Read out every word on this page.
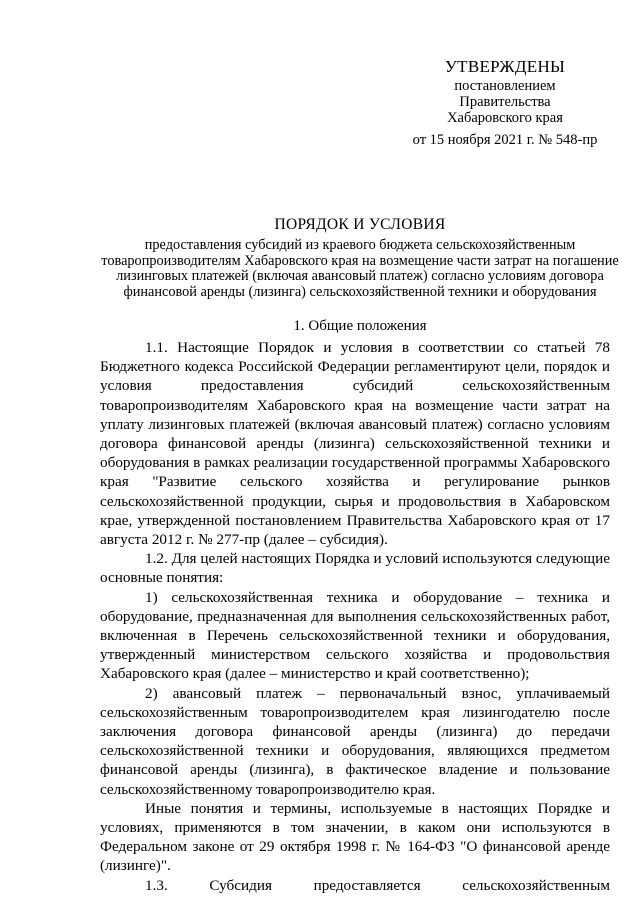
УТВЕРЖДЕНЫ
постановлением
Правительства
Хабаровского края
от 15 ноября 2021 г. № 548-пр
ПОРЯДОК И УСЛОВИЯ
предоставления субсидий из краевого бюджета сельскохозяйственным товаропроизводителям Хабаровского края на возмещение части затрат на погашение лизинговых платежей (включая авансовый платеж) согласно условиям договора финансовой аренды (лизинга) сельскохозяйственной техники и оборудования
1. Общие положения

1.1. Настоящие Порядок и условия в соответствии со статьей 78 Бюджетного кодекса Российской Федерации регламентируют цели, порядок и условия предоставления субсидий сельскохозяйственным товаропроизводителям Хабаровского края на возмещение части затрат на уплату лизинговых платежей (включая авансовый платеж) согласно условиям договора финансовой аренды (лизинга) сельскохозяйственной техники и оборудования в рамках реализации государственной программы Хабаровского края "Развитие сельского хозяйства и регулирование рынков сельскохозяйственной продукции, сырья и продовольствия в Хабаровском крае, утвержденной постановлением Правительства Хабаровского края от 17 августа 2012 г. № 277-пр (далее – субсидия).

1.2. Для целей настоящих Порядка и условий используются следующие основные понятия:

1) сельскохозяйственная техника и оборудование – техника и оборудование, предназначенная для выполнения сельскохозяйственных работ, включенная в Перечень сельскохозяйственной техники и оборудования, утвержденный министерством сельского хозяйства и продовольствия Хабаровского края (далее – министерство и край соответственно);

2) авансовый платеж – первоначальный взнос, уплачиваемый сельскохозяйственным товаропроизводителем края лизингодателю после заключения договора финансовой аренды (лизинга) до передачи сельскохозяйственной техники и оборудования, являющихся предметом финансовой аренды (лизинга), в фактическое владение и пользование сельскохозяйственному товаропроизводителю края.

Иные понятия и термины, используемые в настоящих Порядке и условиях, применяются в том значении, в каком они используются в Федеральном законе от 29 октября 1998 г. № 164-ФЗ "О финансовой аренде (лизинге)".

1.3. Субсидия предоставляется сельскохозяйственным
